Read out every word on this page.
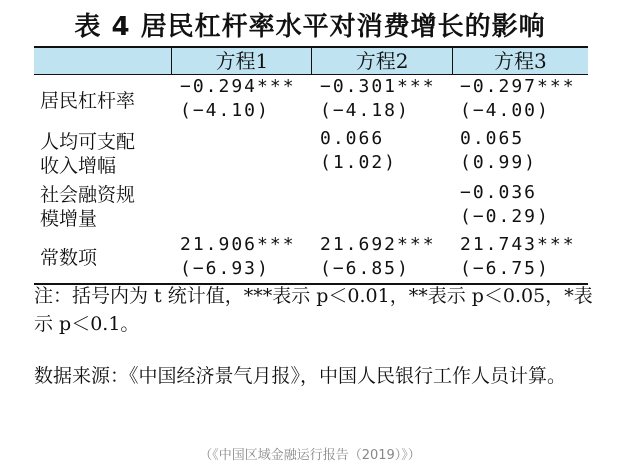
表 4 居民杠杆率水平对消费增长的影响
方程1	方程2	方程3
居民杠杆率
−0.294***
(−4.10)
−0.301***
(−4.18)
−0.297***
(−4.00)
人均可支配
收入增幅
0.066
(1.02)
0.065
(0.99)
社会融资规
模增量
−0.036
(−0.29)
常数项
21.906***
(−6.93)
21.692***
(−6.85)
21.743***
(−6.75)
注：括号内为 t 统计值，***表示 p＜0.01，**表示 p＜0.05，*表示 p＜0.1。
数据来源：《中国经济景气月报》，中国人民银行工作人员计算。
（《中国区域金融运行报告（2019）》）
